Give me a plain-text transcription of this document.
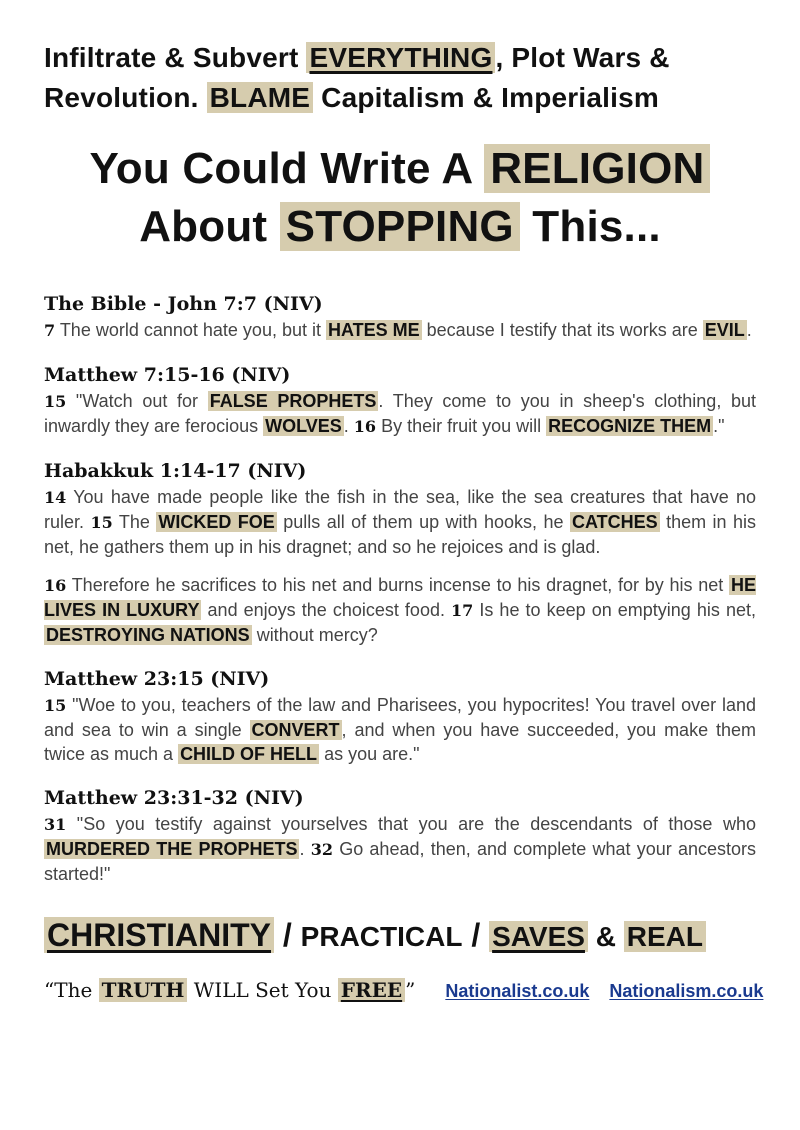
Infiltrate & Subvert EVERYTHING , Plot Wars &
Revolution. BLAME Capitalism & Imperialism
You Could Write A RELIGION
About STOPPING This...
The Bible - John 7:7 (NIV)

7 The world cannot hate you, but it HATES ME because I testify that its works are EVIL .

Matthew 7:15-16 (NIV)

15 "Watch out for FALSE PROPHETS . They come to you in sheep's clothing, but inwardly they are ferocious WOLVES . 16 By their fruit you will RECOGNIZE THEM ."

Habakkuk 1:14-17 (NIV)

14 You have made people like the fish in the sea, like the sea creatures that have no ruler. 15 The WICKED FOE pulls all of them up with hooks, he CATCHES them in his net, he gathers them up in his dragnet; and so he rejoices and is glad.

16 Therefore he sacrifices to his net and burns incense to his dragnet, for by his net HE LIVES IN LUXURY and enjoys the choicest food. 17 Is he to keep on emptying his net, DESTROYING NATIONS without mercy?

Matthew 23:15 (NIV)

15 "Woe to you, teachers of the law and Pharisees, you hypocrites! You travel over land and sea to win a single CONVERT , and when you have succeeded, you make them twice as much a CHILD OF HELL as you are."

Matthew 23:31-32 (NIV)

31 "So you testify against yourselves that you are the descendants of those who MURDERED THE PROPHETS . 32 Go ahead, then, and complete what your ancestors started!"

CHRISTIANITY / PRACTICAL / SAVES & REAL
“The TRUTH WILL Set You FREE ” Nationalist.co.uk Nationalism.co.uk
